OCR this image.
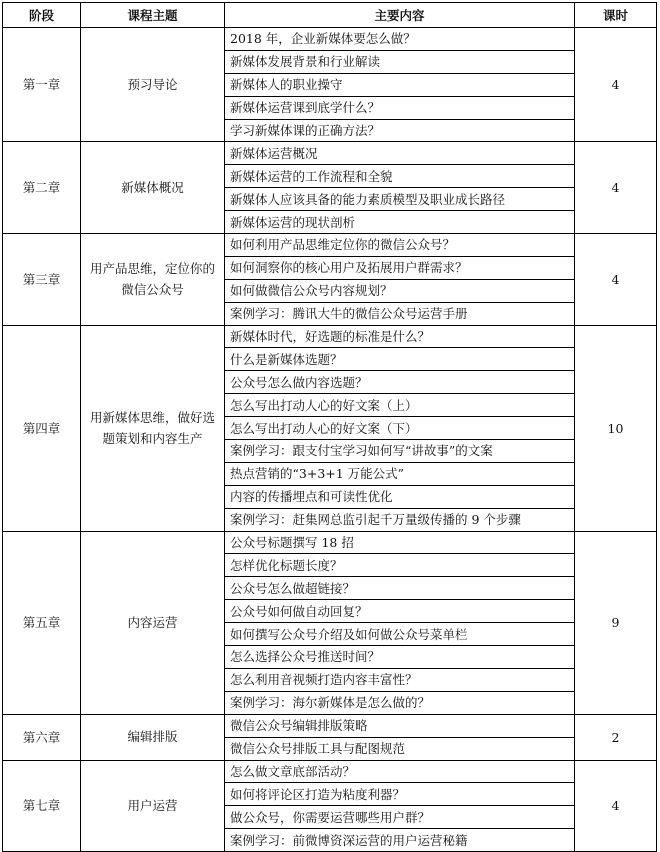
阶段	课程主题	主要内容	课时
第一章	预习导论	2018 年，企业新媒体要怎么做？	4
		新媒体发展背景和行业解读	
		新媒体人的职业操守	
		新媒体运营课到底学什么？	
		学习新媒体课的正确方法？	
第二章	新媒体概况	新媒体运营概况	4
		新媒体运营的工作流程和全貌	
		新媒体人应该具备的能力素质模型及职业成长路径	
		新媒体运营的现状剖析	
第三章	用产品思维，定位你的微信公众号	如何利用产品思维定位你的微信公众号？	4
		如何洞察你的核心用户及拓展用户群需求？	
		如何做微信公众号内容规划？	
		案例学习：腾讯大牛的微信公众号运营手册	
第四章	用新媒体思维，做好选题策划和内容生产	新媒体时代，好选题的标准是什么？	10
		什么是新媒体选题？	
		公众号怎么做内容选题？	
		怎么写出打动人心的好文案（上）	
		怎么写出打动人心的好文案（下）	
		案例学习：跟支付宝学习如何写“讲故事”的文案	
		热点营销的“3+3+1 万能公式”	
		内容的传播埋点和可读性优化	
		案例学习：赶集网总监引起千万量级传播的 9 个步骤	
第五章	内容运营	公众号标题撰写 18 招	9
		怎样优化标题长度？	
		公众号怎么做超链接？	
		公众号如何做自动回复？	
		如何撰写公众号介绍及如何做公众号菜单栏	
		怎么选择公众号推送时间？	
		怎么利用音视频打造内容丰富性？	
		案例学习：海尔新媒体是怎么做的？	
第六章	编辑排版	微信公众号编辑排版策略	2
		微信公众号排版工具与配图规范	
第七章	用户运营	怎么做文章底部活动？	4
		如何将评论区打造为粘度利器？	
		做公众号，你需要运营哪些用户群？	
		案例学习：前微博资深运营的用户运营秘籍	
